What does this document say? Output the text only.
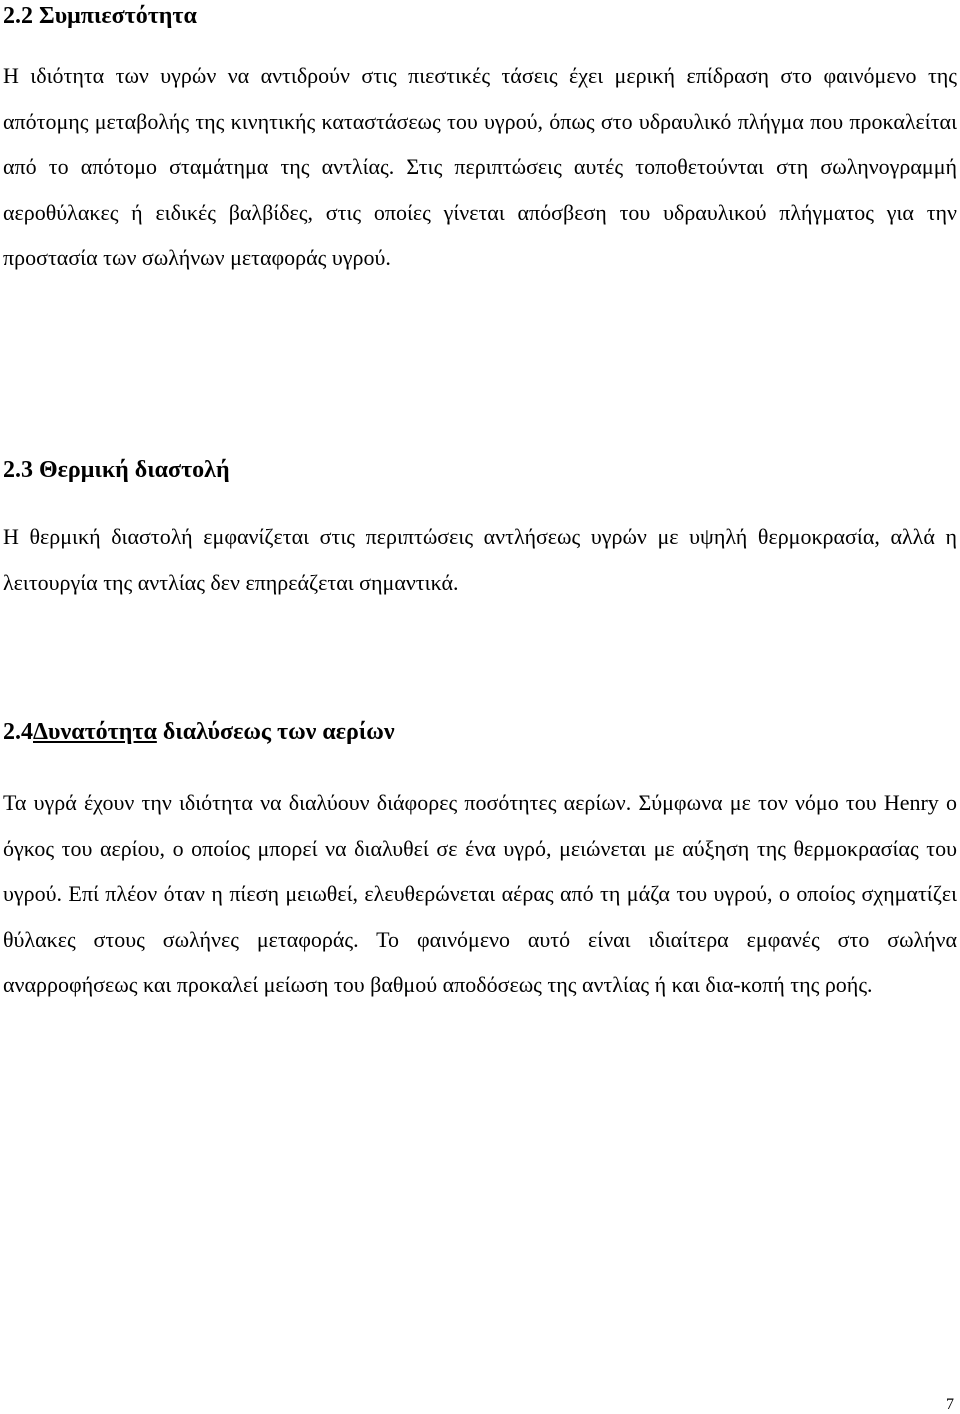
2.2 Συμπιεστότητα

Η ιδιότητα των υγρών να αντιδρούν στις πιεστικές τάσεις έχει μερική επίδραση στο φαινόμενο της απότομης μεταβολής της κινητικής καταστάσεως του υγρού, όπως στο υδραυλικό πλήγμα που προκαλείται από το απότομο σταμάτημα της αντλίας. Στις περιπτώσεις αυτές τοποθετούνται στη σωληνογραμμή αεροθύλακες ή ειδικές βαλβίδες, στις οποίες γίνεται απόσβεση του υδραυλικού πλήγματος για την προστασία των σωλήνων μεταφοράς υγρού.

2.3 Θερμική διαστολή

Η θερμική διαστολή εμφανίζεται στις περιπτώσεις αντλήσεως υγρών με υψηλή θερμοκρασία, αλλά η λειτουργία της αντλίας δεν επηρεάζεται σημαντικά.

2.4Δυνατότητα διαλύσεως των αερίων

Τα υγρά έχουν την ιδιότητα να διαλύουν διάφορες ποσότητες αερίων. Σύμφωνα με τον νόμο του Henry ο όγκος του αερίου, ο οποίος μπορεί να διαλυθεί σε ένα υγρό, μειώνεται με αύξηση της θερμοκρασίας του υγρού. Επί πλέον όταν η πίεση μειωθεί, ελευθερώνεται αέρας από τη μάζα του υγρού, ο οποίος σχηματίζει θύλακες στους σωλήνες μεταφοράς. Το φαινόμενο αυτό είναι ιδιαίτερα εμφανές στο σωλήνα αναρροφήσεως και προκαλεί μείωση του βαθμού αποδόσεως της αντλίας ή και δια-κοπή της ροής.

7
